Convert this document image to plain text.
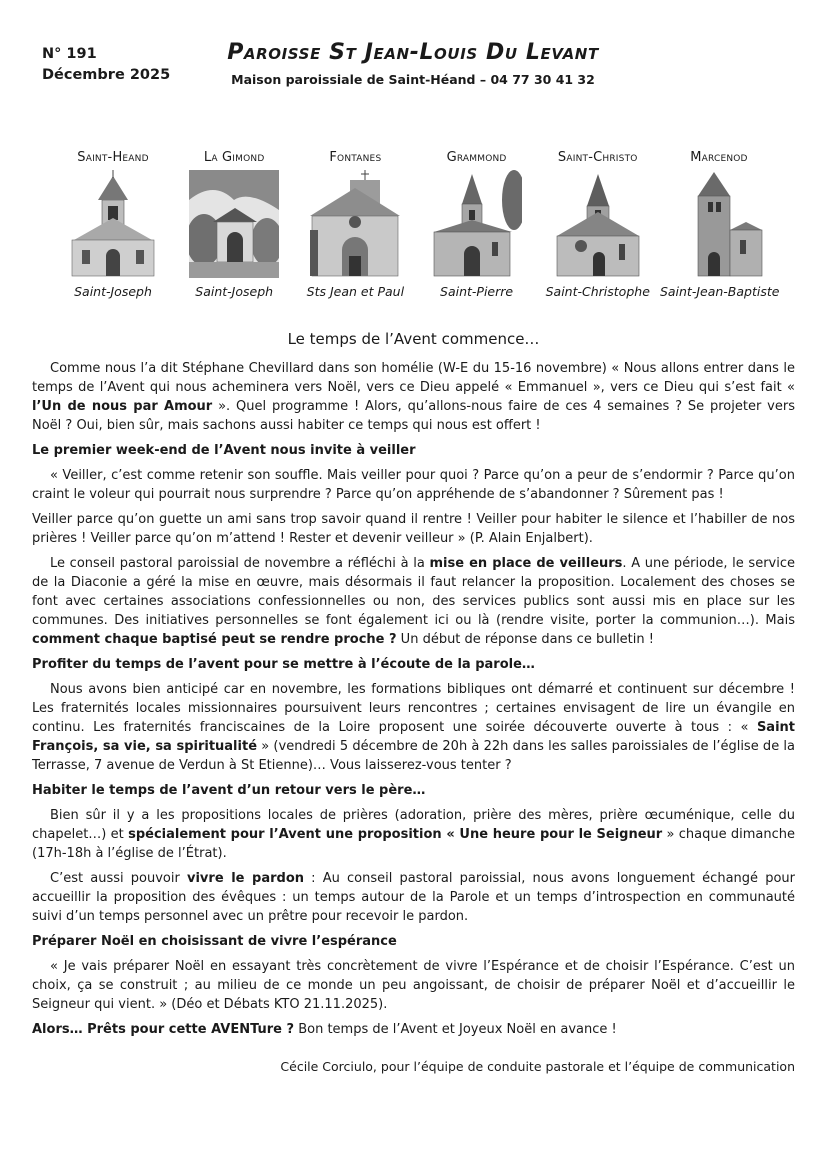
N° 191
Décembre 2025
Paroisse St Jean-Louis Du Levant
Maison paroissiale de Saint-Héand – 04 77 30 41 32
Saint-Heand
Saint-Joseph
La Gimond
Saint-Joseph
Fontanes
Sts Jean et Paul
Grammond
Saint-Pierre
Saint-Christo
Saint-Christophe
Marcenod
Saint-Jean-Baptiste
Le temps de l’Avent commence…

Comme nous l’a dit Stéphane Chevillard dans son homélie (W-E du 15-16 novembre) « Nous allons entrer dans le temps de l’Avent qui nous acheminera vers Noël, vers ce Dieu appelé « Emmanuel », vers ce Dieu qui s’est fait « l’Un de nous par Amour ». Quel programme ! Alors, qu’allons-nous faire de ces 4 semaines ? Se projeter vers Noël ? Oui, bien sûr, mais sachons aussi habiter ce temps qui nous est offert !

Le premier week-end de l’Avent nous invite à veiller

« Veiller, c’est comme retenir son souffle. Mais veiller pour quoi ? Parce qu’on a peur de s’endormir ? Parce qu’on craint le voleur qui pourrait nous surprendre ? Parce qu’on appréhende de s’abandonner ? Sûrement pas !

Veiller parce qu’on guette un ami sans trop savoir quand il rentre ! Veiller pour habiter le silence et l’habiller de nos prières ! Veiller parce qu’on m’attend ! Rester et devenir veilleur » (P. Alain Enjalbert).

Le conseil pastoral paroissial de novembre a réfléchi à la mise en place de veilleurs. A une période, le service de la Diaconie a géré la mise en œuvre, mais désormais il faut relancer la proposition. Localement des choses se font avec certaines associations confessionnelles ou non, des services publics sont aussi mis en place sur les communes. Des initiatives personnelles se font également ici ou là (rendre visite, porter la communion…). Mais comment chaque baptisé peut se rendre proche ? Un début de réponse dans ce bulletin !

Profiter du temps de l’avent pour se mettre à l’écoute de la parole…

Nous avons bien anticipé car en novembre, les formations bibliques ont démarré et continuent sur décembre ! Les fraternités locales missionnaires poursuivent leurs rencontres ; certaines envisagent de lire un évangile en continu. Les fraternités franciscaines de la Loire proposent une soirée découverte ouverte à tous : « Saint François, sa vie, sa spiritualité » (vendredi 5 décembre de 20h à 22h dans les salles paroissiales de l’église de la Terrasse, 7 avenue de Verdun à St Etienne)… Vous laisserez-vous tenter ?

Habiter le temps de l’avent d’un retour vers le père…

Bien sûr il y a les propositions locales de prières (adoration, prière des mères, prière œcuménique, celle du chapelet…) et spécialement pour l’Avent une proposition « Une heure pour le Seigneur » chaque dimanche (17h-18h à l’église de l’Étrat).

C’est aussi pouvoir vivre le pardon : Au conseil pastoral paroissial, nous avons longuement échangé pour accueillir la proposition des évêques : un temps autour de la Parole et un temps d’introspection en communauté suivi d’un temps personnel avec un prêtre pour recevoir le pardon.

Préparer Noël en choisissant de vivre l’espérance

« Je vais préparer Noël en essayant très concrètement de vivre l’Espérance et de choisir l’Espérance. C’est un choix, ça se construit ; au milieu de ce monde un peu angoissant, de choisir de préparer Noël et d’accueillir le Seigneur qui vient. » (Déo et Débats KTO 21.11.2025).

Alors… Prêts pour cette AVENTure ? Bon temps de l’Avent et Joyeux Noël en avance !

Cécile Corciulo, pour l’équipe de conduite pastorale et l’équipe de communication
